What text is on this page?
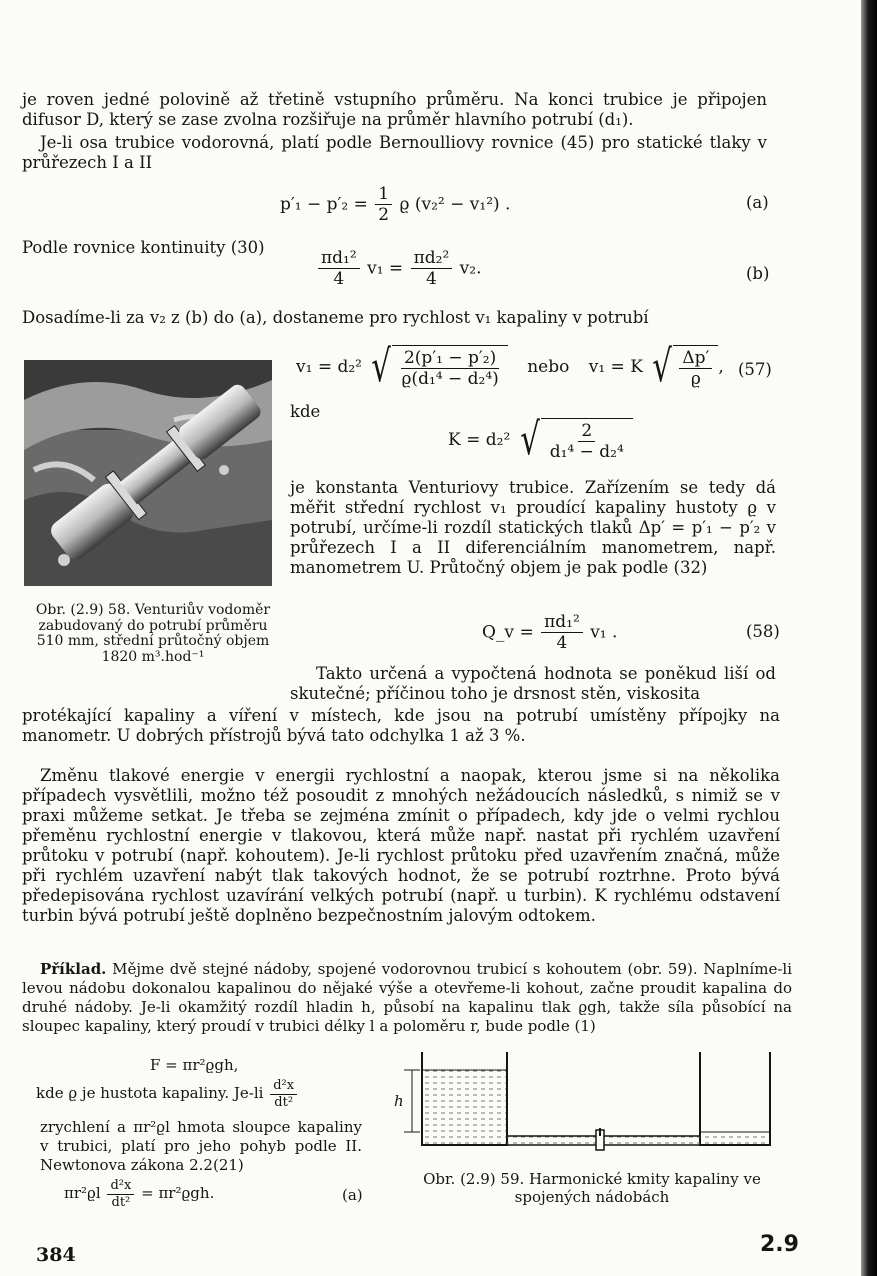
je roven jedné polovině až třetině vstupního průměru. Na konci trubice je připojen difusor D, který se zase zvolna rozšiřuje na průměr hlavního potrubí (d₁).

Je-li osa trubice vodorovná, platí podle Bernoulliovy rovnice (45) pro statické tlaky v průřezech I a II

$p'_1 - p'_2 = \frac{1}{2}$ ϱ (v₂² − v₁²) .	(a)

Podle rovnice kontinuity (30)

$\frac{\text{πd₁²}}{4} v_1 = \frac{\text{πd₂²}}{4} v_2$.	(b)

Dosadíme-li za v₂ z (b) do (a), dostaneme pro rychlost v₁ kapaliny v potrubí

Obr. (2.9) 58. Venturiův vodoměr zabudovaný do potrubí průměru 510 mm, střední průtočný objem 1820 m³.hod⁻¹

v₁ = d₂² √ $\frac{\text{2(p′₁ − p′₂)}}{\text{ϱ(d₁⁴ − d₂⁴)}}$ nebo v₁ = K √ $\frac{\Delta p'}{ϱ}$ , (57)

kde

K = d₂² √ $\frac{2}{\text{d₁⁴ − d₂⁴}}$

je konstanta Venturiovy trubice. Zařízením se tedy dá měřit střední rychlost v₁ proudící kapaliny hustoty ϱ v potrubí, určíme-li rozdíl statických tlaků Δp′ = p′₁ − p′₂ v průřezech I a II diferenciálním manometrem, např. manometrem U. Průtočný objem je pak podle (32)

Q_v = $\frac{\text{πd₁²}}{4} v_1$ .	(58)

Takto určená a vypočtená hodnota se poněkud liší od skutečné; příčinou toho je drsnost stěn, viskosita

protékající kapaliny a víření v místech, kde jsou na potrubí umístěny přípojky na manometr. U dobrých přístrojů bývá tato odchylka 1 až 3 %.

Změnu tlakové energie v energii rychlostní a naopak, kterou jsme si na několika případech vysvětlili, možno též posoudit z mnohých nežádoucích následků, s nimiž se v praxi můžeme setkat. Je třeba se zejména zmínit o případech, kdy jde o velmi rychlou přeměnu rychlostní energie v tlakovou, která může např. nastat při rychlém uzavření průtoku v potrubí (např. kohoutem). Je-li rychlost průtoku před uzavřením značná, může při rychlém uzavření nabýt tlak takových hodnot, že se potrubí roztrhne. Proto bývá předepisována rychlost uzavírání velkých potrubí (např. u turbin). K rychlému odstavení turbin bývá potrubí ještě doplněno bezpečnostním jalovým odtokem.

Příklad. Mějme dvě stejné nádoby, spojené vodorovnou trubicí s kohoutem (obr. 59). Naplníme-li levou nádobu dokonalou kapalinou do nějaké výše a otevřeme-li kohout, začne proudit kapalina do druhé nádoby. Je-li okamžitý rozdíl hladin h, působí na kapalinu tlak ϱgh, takže síla působící na sloupec kapaliny, který proudí v trubici délky l a poloměru r, bude podle (1)

F = πr²ϱgh,
kde ϱ je hustota kapaliny. $Je-li \frac{\text{d²x}}{\text{dt²}}$

zrychlení a πr²ϱl hmota sloupce kapaliny v trubici, platí pro jeho pohyb podle II. Newtonova zákona 2.2(21)

$\pi r^2ϱl \frac{\text{d²x}}{\text{dt²}} = \pi r^2ϱgh$.	(a)
h

Obr. (2.9) 59. Harmonické kmity kapaliny ve spojených nádobách

384	2.9
